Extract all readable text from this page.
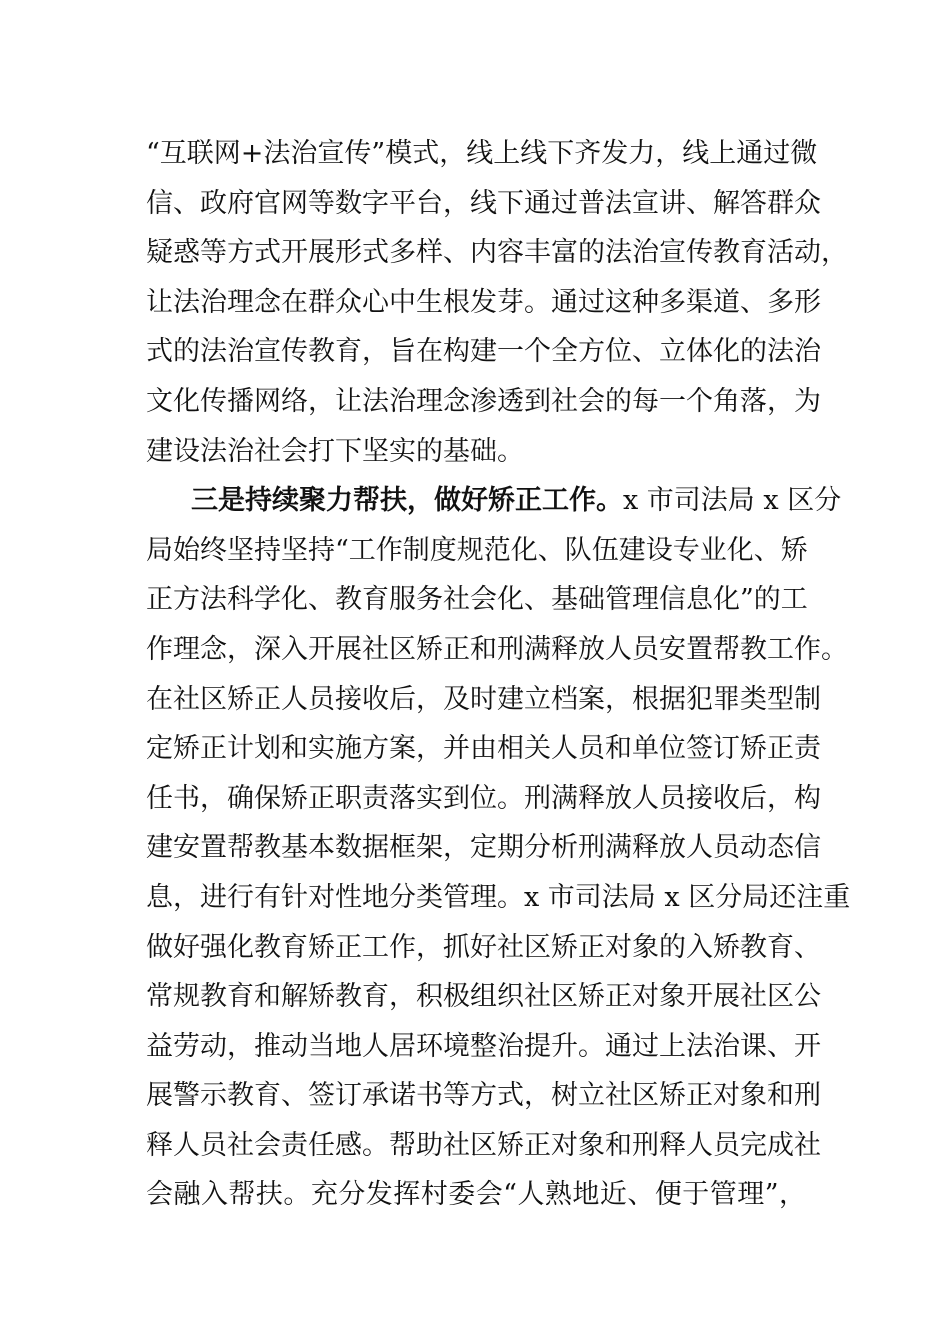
“互联网+法治宣传”模式，线上线下齐发力，线上通过微
信、政府官网等数字平台，线下通过普法宣讲、解答群众
疑惑等方式开展形式多样、内容丰富的法治宣传教育活动，
让法治理念在群众心中生根发芽。通过这种多渠道、多形
式的法治宣传教育，旨在构建一个全方位、立体化的法治
文化传播网络，让法治理念渗透到社会的每一个角落，为
建设法治社会打下坚实的基础。
三是持续聚力帮扶，做好矫正工作。x 市司法局 x 区分
局始终坚持坚持“工作制度规范化、队伍建设专业化、矫
正方法科学化、教育服务社会化、基础管理信息化”的工
作理念，深入开展社区矫正和刑满释放人员安置帮教工作。
在社区矫正人员接收后，及时建立档案，根据犯罪类型制
定矫正计划和实施方案，并由相关人员和单位签订矫正责
任书，确保矫正职责落实到位。刑满释放人员接收后，构
建安置帮教基本数据框架，定期分析刑满释放人员动态信
息，进行有针对性地分类管理。x 市司法局 x 区分局还注重
做好强化教育矫正工作，抓好社区矫正对象的入矫教育、
常规教育和解矫教育，积极组织社区矫正对象开展社区公
益劳动，推动当地人居环境整治提升。通过上法治课、开
展警示教育、签订承诺书等方式，树立社区矫正对象和刑
释人员社会责任感。帮助社区矫正对象和刑释人员完成社
会融入帮扶。充分发挥村委会“人熟地近、便于管理”，
